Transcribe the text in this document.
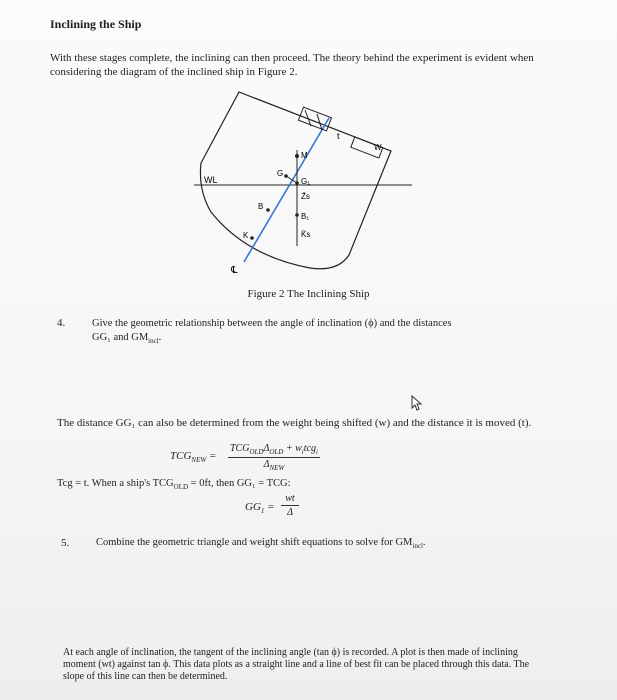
Inclining the Ship
With these stages complete, the inclining can then proceed. The theory behind the experiment is evident when considering the diagram of the inclined ship in Figure 2.
WL
M
G
G₁
Z̄s
B
B₁
K̄s
K
t
W
℄
Figure 2 The Inclining Ship
4.	Give the geometric relationship between the angle of inclination (ϕ) and the distances
GG₁ and $GM_{incl}$.
The distance GG₁ can also be determined from the weight being shifted (w) and the distance it is moved (t).
$TCG_{NEW}$ =
$TCG_{OLD}\Delta_{OLD} + w_itcg_i$
$\Delta_{NEW}$
Tcg = t. When a ship's $TCG_{OLD} = 0ft$, then GG₁ = TCG:
$GG_1 = \frac{wt}{\Delta}$
5.	Combine the geometric triangle and weight shift equations to solve for $GM_{incl}$.
At each angle of inclination, the tangent of the inclining angle (tan ϕ) is recorded. A plot is then made of inclining moment (wt) against tan ϕ. This data plots as a straight line and a line of best fit can be placed through this data. The slope of this line can then be determined.
